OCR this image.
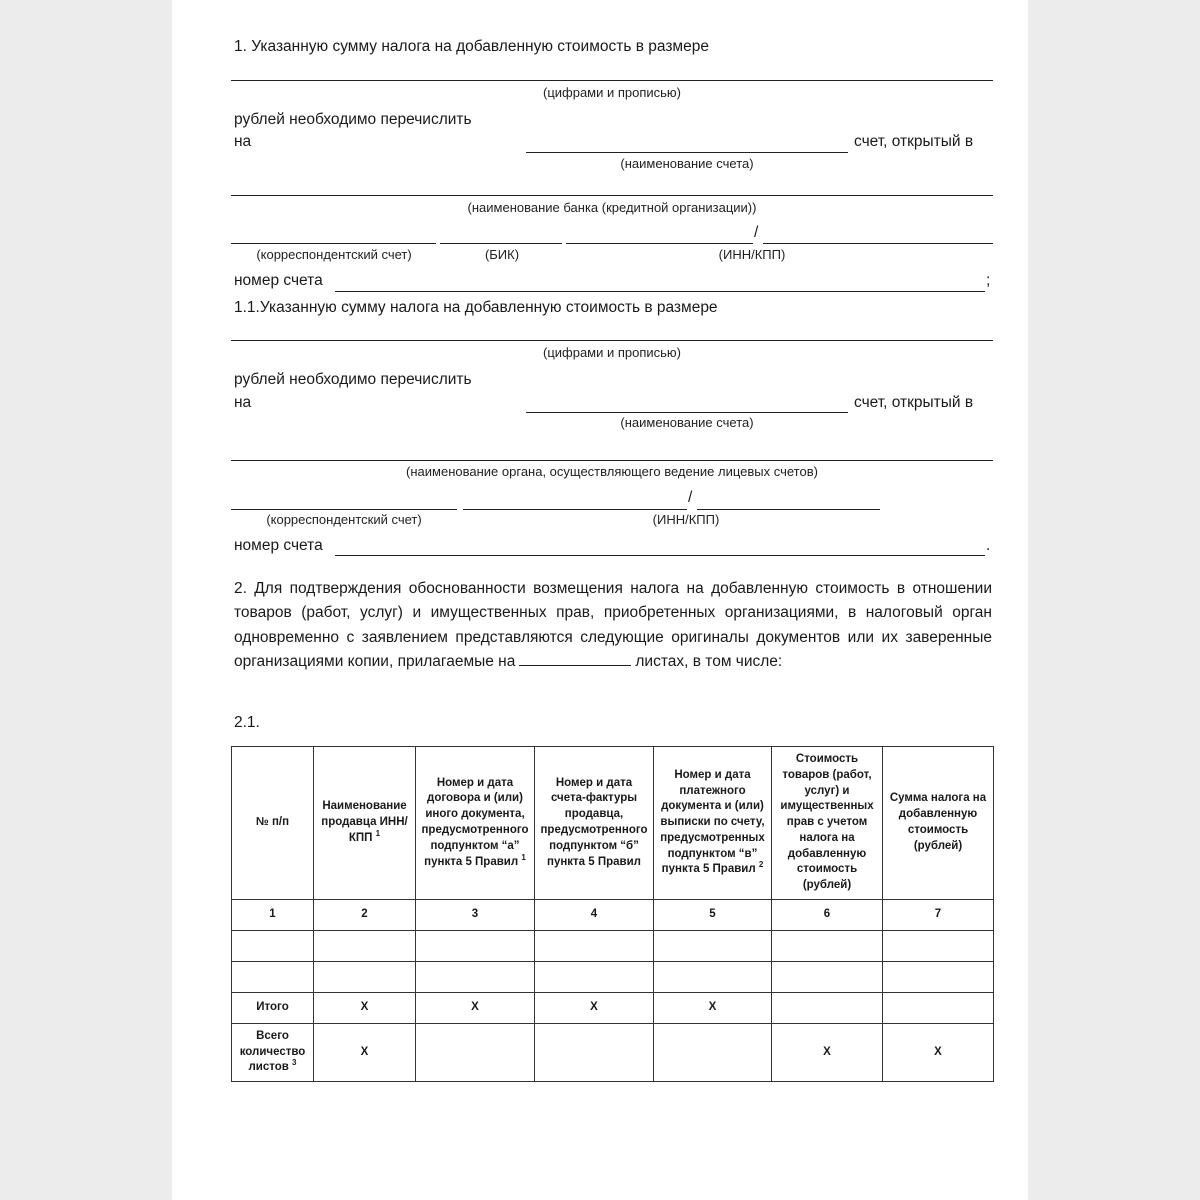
1. Указанную сумму налога на добавленную стоимость в размере
(цифрами и прописью)
рублей необходимо перечислить
на	счет, открытый в
(наименование счета)
(наименование банка (кредитной организации))
/
(корреспондентский счет)	(БИК)	(ИНН/КПП)
номер счета	;
1.1.Указанную сумму налога на добавленную стоимость в размере
(цифрами и прописью)
рублей необходимо перечислить
на	счет, открытый в
(наименование счета)
(наименование органа, осуществляющего ведение лицевых счетов)
/
(корреспондентский счет)	(ИНН/КПП)
номер счета	.
2. Для подтверждения обоснованности возмещения налога на добавленную стоимость в отношении товаров (работ, услуг) и имущественных прав, приобретенных организациями, в налоговый орган одновременно с заявлением представляются следующие оригиналы документов или их заверенные организациями копии, прилагаемые на	листах, в том числе:
2.1.
№ п/п	Наименование продавца ИНН/КПП $^1$	Номер и дата договора и (или) иного документа, предусмотренного подпунктом “а” пункта 5 Правил $^1$	Номер и дата счета-фактуры продавца, предусмотренного подпунктом “б” пункта 5 Правил	Номер и дата платежного документа и (или) выписки по счету, предусмотренных подпунктом “в” пункта 5 Правил $^2$	Стоимость товаров (работ, услуг) и имущественных прав с учетом налога на добавленную стоимость (рублей)	Сумма налога на добавленную стоимость (рублей)
1	2	3	4	5	6	7

Итого	X	X	X	X		
Всего количество листов $^3$	X				X	X
